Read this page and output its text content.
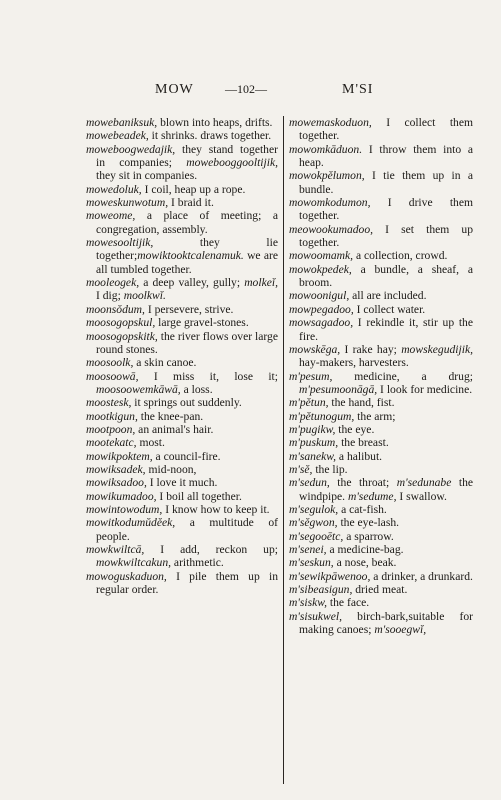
MOW	—102—	M'SI

mowebaniksuk, blown into heaps, drifts.

mowebeadek, it shrinks. draws together.

moweboogwedajik, they stand together in companies; mowebooggooltijik, they sit in companies.

mowedoluk, I coil, heap up a rope.

moweskunwotum, I braid it.

moweome, a place of meeting; a congregation, assembly.

mowesooltijik, they lie together;mowiktooktcalenamuk. we are all tumbled together.

mooleogek, a deep valley, gully; molkeĭ, I dig; moolkwĭ.

moonsŏdum, I persevere, strive.

moosogopskul, large gravel-stones.

moosogopskitk, the river flows over large round stones.

moosoolk, a skin canoe.

moosoowā, I miss it, lose it; moosoowemkāwā, a loss.

moostesk, it springs out suddenly.

mootkigun, the knee-pan.

mootpoon, an animal's hair.

mootekatc, most.

mowikpoktem, a council-fire.

mowiksadek, mid-noon,

mowiksadoo, I love it much.

mowikumadoo, I boil all together.

mowintowodum, I know how to keep it.

mowitkodumŭdĕek, a multitude of people.

mowkwiltcā, I add, reckon up; mowkwiltcakun, arithmetic.

mowoguskaduon, I pile them up in regular order.

mowemaskoduon, I collect them together.

mowomkāduon. I throw them into a heap.

mowokpĕlumon, I tie them up in a bundle.

mowomkodumon, I drive them together.

meowookumadoo, I set them up together.

mowoomamk, a collection, crowd.

mowokpedek, a bundle, a sheaf, a broom.

mowoonigul, all are included.

mowpegadoo, I collect water.

mowsagadoo, I rekindle it, stir up the fire.

mowskēga, I rake hay; mowskegudijik, hay-makers, harvesters.

m'pesum, medicine, a drug; m'pesumoonāgā, I look for medicine.

m'pĕtun, the hand, fist.

m'pĕtunogum, the arm;

m'pugikw, the eye.

m'puskum, the breast.

m'sanekw, a halibut.

m'sĕ, the lip.

m'sedun, the throat; m'sedunabe the windpipe. m'sedume, I swallow.

m'segulok, a cat-fish.

m'sĕgwon, the eye-lash.

m'segooētc, a sparrow.

m'senei, a medicine-bag.

m'seskun, a nose, beak.

m'sewikpāwenoo, a drinker, a drunkard.

m'sibeasigun, dried meat.

m'siskw, the face.

m'sisukwel, birch-bark,suitable for making canoes; m'sooegwĭ,
